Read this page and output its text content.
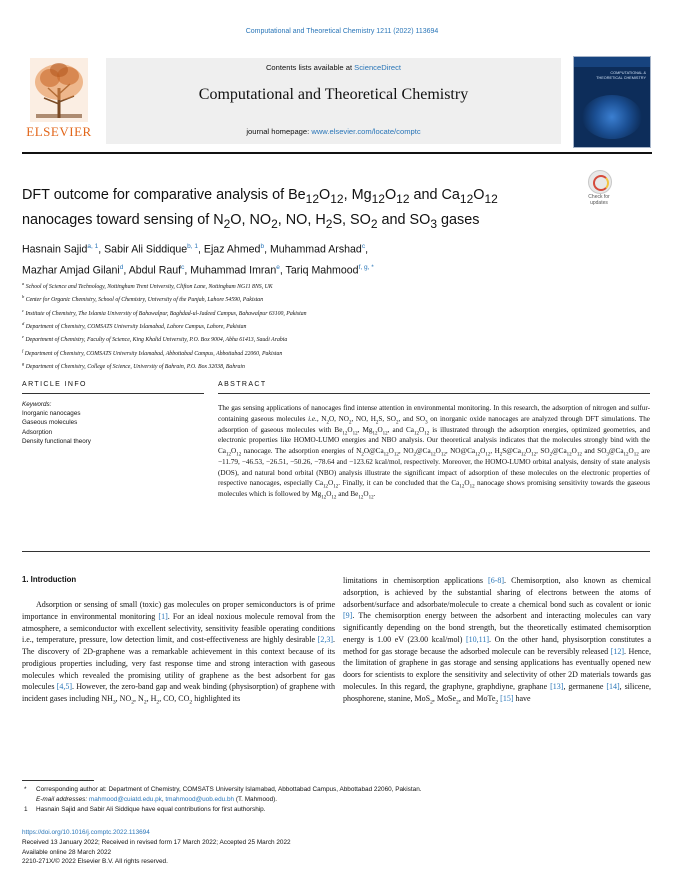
Computational and Theoretical Chemistry 1211 (2022) 113694
ELSEVIER
Contents lists available at ScienceDirect
Computational and Theoretical Chemistry
journal homepage: www.elsevier.com/locate/comptc
COMPUTATIONAL & THEORETICAL CHEMISTRY
DFT outcome for comparative analysis of $Be_{12}O_{12}$, $Mg_{12}O_{12}$ and $Ca_{12}O_{12}$
nanocages toward sensing of $N_2O$, $NO_2$, NO, $H_2S$, $SO_2$ and $SO_3$ gases
Check for updates
Hasnain Sajid$^{a, 1}$, Sabir Ali Siddique$^{b, 1}$, Ejaz Ahmed$^b$, Muhammad Arshad$^c$,
Mazhar Amjad Gilani$^d$, Abdul Rauf$^c$, Muhammad Imran$^e$, Tariq Mahmood$^{f, g, *}$
$^a$ School of Science and Technology, Nottingham Trent University, Clifton Lane, Nottingham NG11 8NS, UK
$^b$ Center for Organic Chemistry, School of Chemistry, University of the Punjab, Lahore 54590, Pakistan
$^c$ Institute of Chemistry, The Islamia University of Bahawalpur, Baghdad-ul-Jadeed Campus, Bahawalpur 63100, Pakistan
$^d$ Department of Chemistry, COMSATS University Islamabad, Lahore Campus, Lahore, Pakistan
$^e$ Department of Chemistry, Faculty of Science, King Khalid University, P.O. Box 9004, Abha 61413, Saudi Arabia
$^f$ Department of Chemistry, COMSATS University Islamabad, Abbottabad Campus, Abbottabad 22060, Pakistan
$^g$ Department of Chemistry, College of Science, University of Bahrain, P.O. Box 32038, Bahrain
ARTICLE INFO	ABSTRACT
Keywords:
Inorganic nanocages
Gaseous molecules
Adsorption
Density functional theory
The gas sensing applications of nanocages find intense attention in environmental monitoring. In this research, the adsorption of nitrogen and sulfur-containing gaseous molecules i.e., $N_2O$, $NO_2$, NO, $H_2S$, $SO_2$, and $SO_3$ on inorganic oxide nanocages are analyzed through DFT simulations. The adsorption of gaseous molecules with $Be_{12}O_{12}$, $Mg_{12}O_{12}$, and $Ca_{12}O_{12}$ is illustrated through the adsorption energies, optimized geometries, and electronic properties like HOMO-LUMO energies and NBO analysis. Our theoretical analysis indicates that the molecules strongly bind with the $Ca_{12}O_{12}$ nanocage. The adsorption energies of $N_2O@Ca_{12}O_{12}$, $NO_2@Ca_{12}O_{12}$, $NO@Ca_{12}O_{12}$, $H_2S@Ca_{12}O_{12}$, $SO_2@Ca_{12}O_{12}$ and $SO_3@Ca_{12}O_{12}$ are −11.79, −46.53, −26.51, −50.26, −78.64 and −123.62 kcal/mol, respectively. Moreover, the HOMO-LUMO orbital analysis, density of state analysis (DOS), and natural bond orbital (NBO) analysis illustrate the significant impact of adsorption of these molecules on the electronic properties of respective nanocages, especially $Ca_{12}O_{12}$. Finally, it can be concluded that the $Ca_{12}O_{12}$ nanocage shows promising sensitivity towards the gaseous molecules which is followed by $Mg_{12}O_{12}$ and $Be_{12}O_{12}$.
1. Introduction
Adsorption or sensing of small (toxic) gas molecules on proper semiconductors is of prime importance in environmental monitoring [1]. For an ideal noxious molecule removal from the atmosphere, a semiconductor with excellent selectivity, sensitivity feasible operating conditions i.e., temperature, pressure, low detection limit, and cost-effectiveness are highly desirable [2,3]. The discovery of 2D-graphene was a remarkable achievement in this context because of its prodigious properties including, very fast response time and strong interaction with gaseous molecules which revealed the promising utility of graphene as the best adsorbent for gas molecules [4,5]. However, the zero-band gap and weak binding (physisorption) of graphene with incident gases including $NH_3$, $NO_2$, $N_2$, $H_2$, CO, $CO_2$ highlighted its
limitations in chemisorption applications [6-8]. Chemisorption, also known as chemical adsorption, is achieved by the substantial sharing of electrons between the atoms of adsorbent/surface and adsorbate/molecule to create a chemical bond such as covalent or ionic [9]. The chemisorption energy between the adsorbent and interacting molecules can vary significantly depending on the bond strength, but the theoretically estimated chemisorption energy is 1.00 eV (23.00 kcal/mol) [10,11]. On the other hand, physisorption constitutes a method for gas storage because the adsorbed molecule can be reversibly released [12]. Hence, the limitation of graphene in gas storage and sensing applications has eventually opened new doors for scientists to explore the sensitivity and selectivity of other 2D materials towards gas molecules. In this regard, the graphyne, graphdiyne, graphane [13], germanene [14], silicene, phosphorene, stanine, MoS$_2$, MoSe$_2$, and MoTe$_2$ [15] have
* Corresponding author at: Department of Chemistry, COMSATS University Islamabad, Abbottabad Campus, Abbottabad 22060, Pakistan.
E-mail addresses: mahmood@cuiatd.edu.pk, tmahmood@uob.edu.bh (T. Mahmood).
1 Hasnain Sajid and Sabir Ali Siddique have equal contributions for first authorship.
https://doi.org/10.1016/j.comptc.2022.113694
Received 13 January 2022; Received in revised form 17 March 2022; Accepted 25 March 2022
Available online 28 March 2022
2210-271X/© 2022 Elsevier B.V. All rights reserved.
